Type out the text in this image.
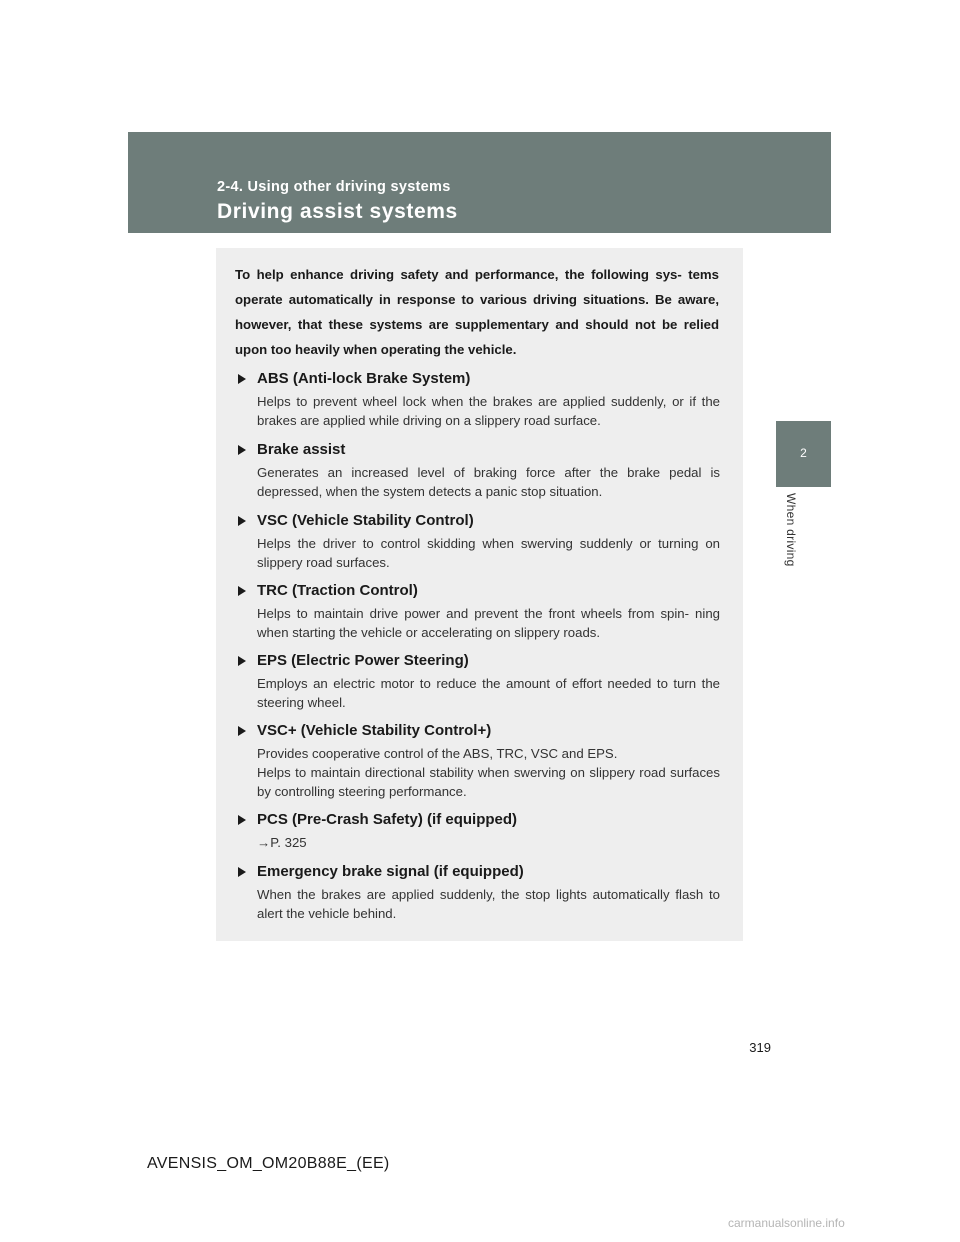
2-4. Using other driving systems
Driving assist systems
2
When driving
To help enhance driving safety and performance, the following sys- tems operate automatically in response to various driving situations. Be aware, however, that these systems are supplementary and should not be relied upon too heavily when operating the vehicle.
ABS (Anti-lock Brake System)
Helps to prevent wheel lock when the brakes are applied suddenly, or if the brakes are applied while driving on a slippery road surface.
Brake assist
Generates an increased level of braking force after the brake pedal is depressed, when the system detects a panic stop situation.
VSC (Vehicle Stability Control)
Helps the driver to control skidding when swerving suddenly or turning on slippery road surfaces.
TRC (Traction Control)
Helps to maintain drive power and prevent the front wheels from spin- ning when starting the vehicle or accelerating on slippery roads.
EPS (Electric Power Steering)
Employs an electric motor to reduce the amount of effort needed to turn the steering wheel.
VSC+ (Vehicle Stability Control+)
Provides cooperative control of the ABS, TRC, VSC and EPS.
Helps to maintain directional stability when swerving on slippery road surfaces by controlling steering performance.
PCS (Pre-Crash Safety) (if equipped)
→P. 325
Emergency brake signal (if equipped)
When the brakes are applied suddenly, the stop lights automatically flash to alert the vehicle behind.
319
AVENSIS_OM_OM20B88E_(EE)
carmanualsonline.info
